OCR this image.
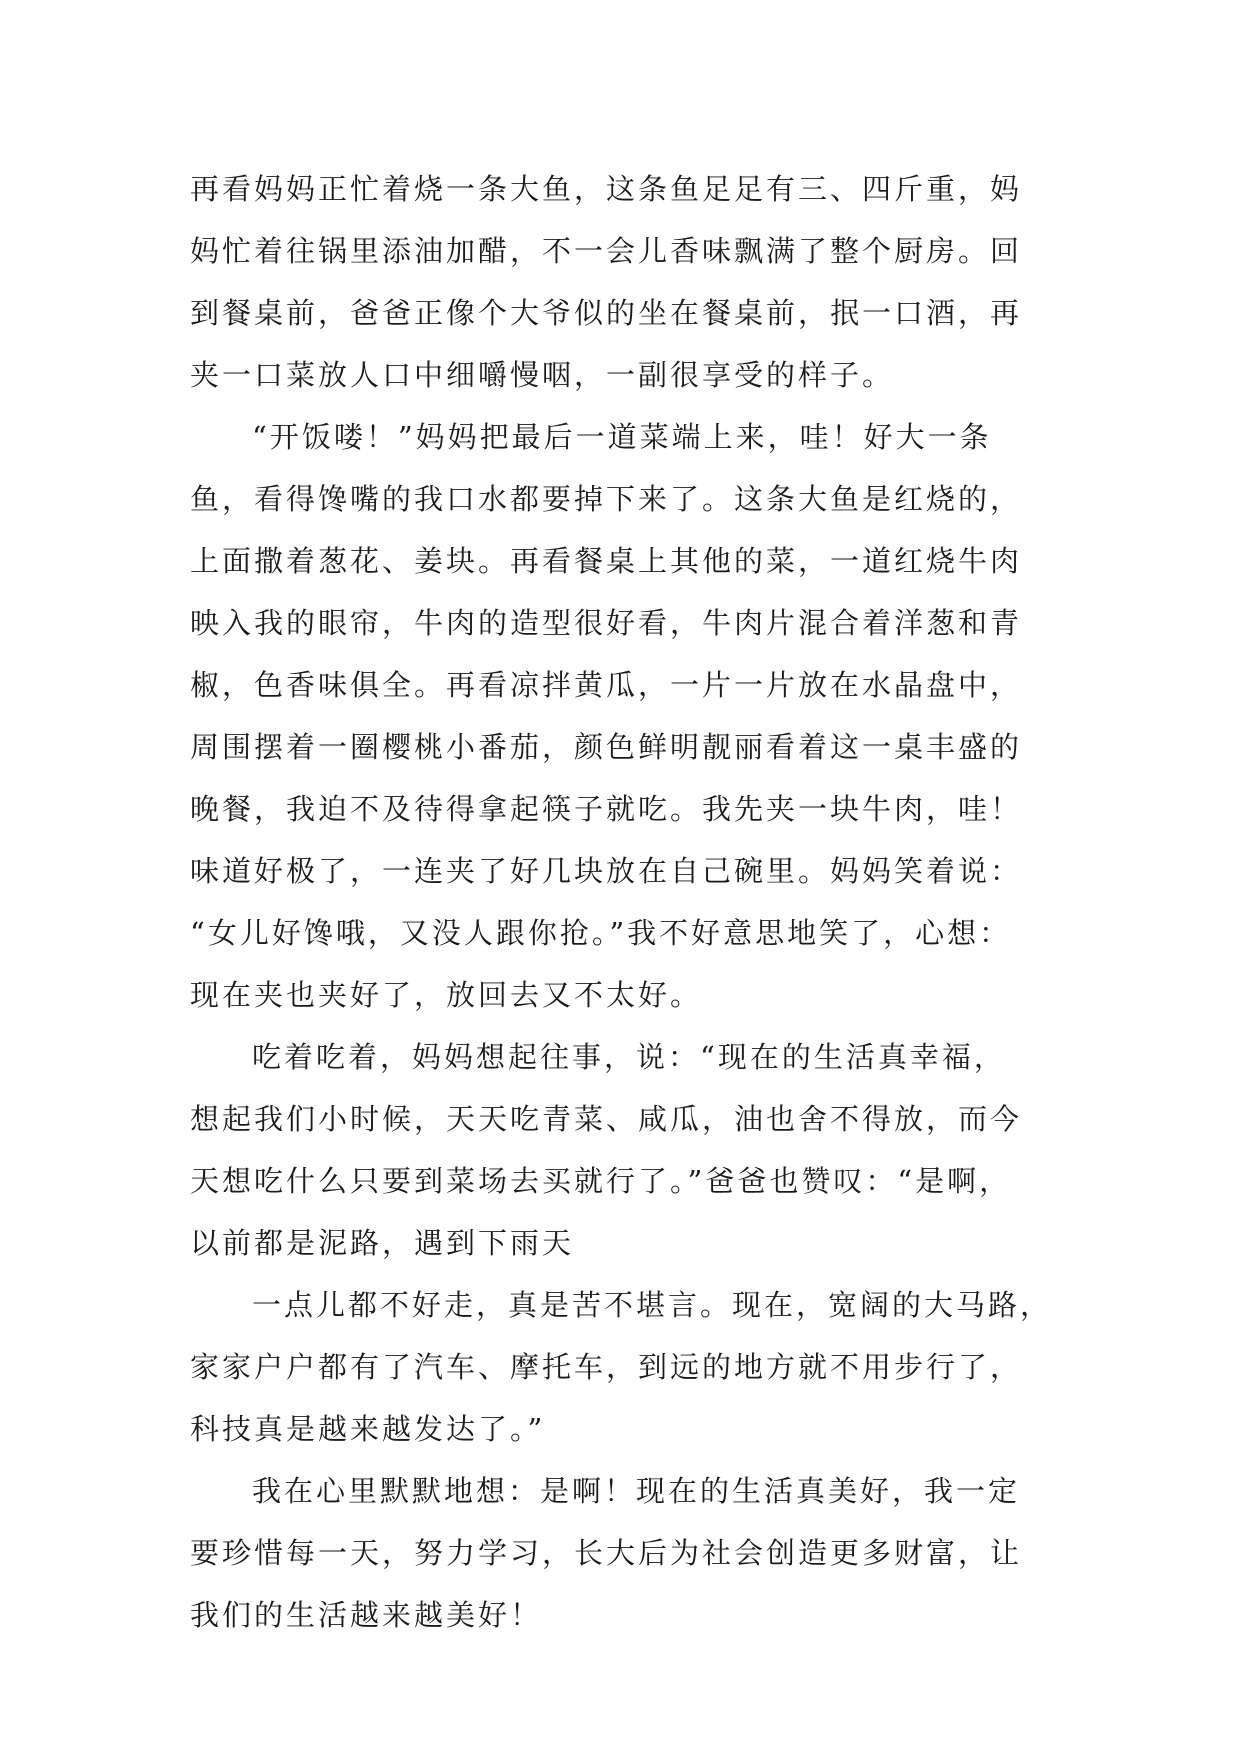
再看妈妈正忙着烧一条大鱼，这条鱼足足有三、四斤重，妈
妈忙着往锅里添油加醋，不一会儿香味飘满了整个厨房。回
到餐桌前，爸爸正像个大爷似的坐在餐桌前，抿一口酒，再
夹一口菜放人口中细嚼慢咽，一副很享受的样子。
“开饭喽！”妈妈把最后一道菜端上来，哇！好大一条
鱼，看得馋嘴的我口水都要掉下来了。这条大鱼是红烧的，
上面撒着葱花、姜块。再看餐桌上其他的菜，一道红烧牛肉
映入我的眼帘，牛肉的造型很好看，牛肉片混合着洋葱和青
椒，色香味俱全。再看凉拌黄瓜，一片一片放在水晶盘中，
周围摆着一圈樱桃小番茄，颜色鲜明靓丽看着这一桌丰盛的
晚餐，我迫不及待得拿起筷子就吃。我先夹一块牛肉，哇！
味道好极了，一连夹了好几块放在自己碗里。妈妈笑着说：
“女儿好馋哦，又没人跟你抢。”我不好意思地笑了，心想：
现在夹也夹好了，放回去又不太好。
吃着吃着，妈妈想起往事，说：“现在的生活真幸福，
想起我们小时候，天天吃青菜、咸瓜，油也舍不得放，而今
天想吃什么只要到菜场去买就行了。”爸爸也赞叹：“是啊，
以前都是泥路，遇到下雨天
一点儿都不好走，真是苦不堪言。现在，宽阔的大马路，
家家户户都有了汽车、摩托车，到远的地方就不用步行了，
科技真是越来越发达了。”
我在心里默默地想：是啊！现在的生活真美好，我一定
要珍惜每一天，努力学习，长大后为社会创造更多财富，让
我们的生活越来越美好！
